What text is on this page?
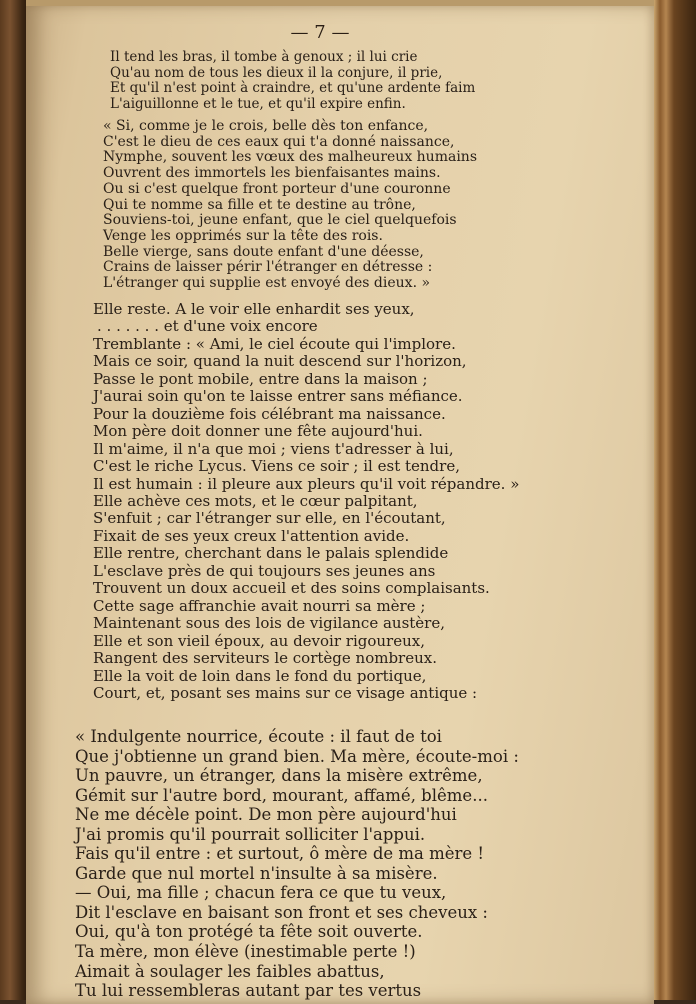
— 7 —
Il tend les bras, il tombe à genoux ; il lui crie
Qu'au nom de tous les dieux il la conjure, il prie,
Et qu'il n'est point à craindre, et qu'une ardente faim
L'aiguillonne et le tue, et qu'il expire enfin.
« Si, comme je le crois, belle dès ton enfance,
C'est le dieu de ces eaux qui t'a donné naissance,
Nymphe, souvent les vœux des malheureux humains
Ouvrent des immortels les bienfaisantes mains.
Ou si c'est quelque front porteur d'une couronne
Qui te nomme sa fille et te destine au trône,
Souviens-toi, jeune enfant, que le ciel quelquefois
Venge les opprimés sur la tête des rois.
Belle vierge, sans doute enfant d'une déesse,
Crains de laisser périr l'étranger en détresse :
L'étranger qui supplie est envoyé des dieux. »
Elle reste. A le voir elle enhardit ses yeux,
. . . . . . . et d'une voix encore
Tremblante : « Ami, le ciel écoute qui l'implore.
Mais ce soir, quand la nuit descend sur l'horizon,
Passe le pont mobile, entre dans la maison ;
J'aurai soin qu'on te laisse entrer sans méfiance.
Pour la douzième fois célébrant ma naissance.
Mon père doit donner une fête aujourd'hui.
Il m'aime, il n'a que moi ; viens t'adresser à lui,
C'est le riche Lycus. Viens ce soir ; il est tendre,
Il est humain : il pleure aux pleurs qu'il voit répandre. »
Elle achève ces mots, et le cœur palpitant,
S'enfuit ; car l'étranger sur elle, en l'écoutant,
Fixait de ses yeux creux l'attention avide.
Elle rentre, cherchant dans le palais splendide
L'esclave près de qui toujours ses jeunes ans
Trouvent un doux accueil et des soins complaisants.
Cette sage affranchie avait nourri sa mère ;
Maintenant sous des lois de vigilance austère,
Elle et son vieil époux, au devoir rigoureux,
Rangent des serviteurs le cortège nombreux.
Elle la voit de loin dans le fond du portique,
Court, et, posant ses mains sur ce visage antique :
« Indulgente nourrice, écoute : il faut de toi
Que j'obtienne un grand bien. Ma mère, écoute-moi :
Un pauvre, un étranger, dans la misère extrême,
Gémit sur l'autre bord, mourant, affamé, blême...
Ne me décèle point. De mon père aujourd'hui
J'ai promis qu'il pourrait solliciter l'appui.
Fais qu'il entre : et surtout, ô mère de ma mère !
Garde que nul mortel n'insulte à sa misère.
— Oui, ma fille ; chacun fera ce que tu veux,
Dit l'esclave en baisant son front et ses cheveux :
Oui, qu'à ton protégé ta fête soit ouverte.
Ta mère, mon élève (inestimable perte !)
Aimait à soulager les faibles abattus,
Tu lui ressembleras autant par tes vertus
